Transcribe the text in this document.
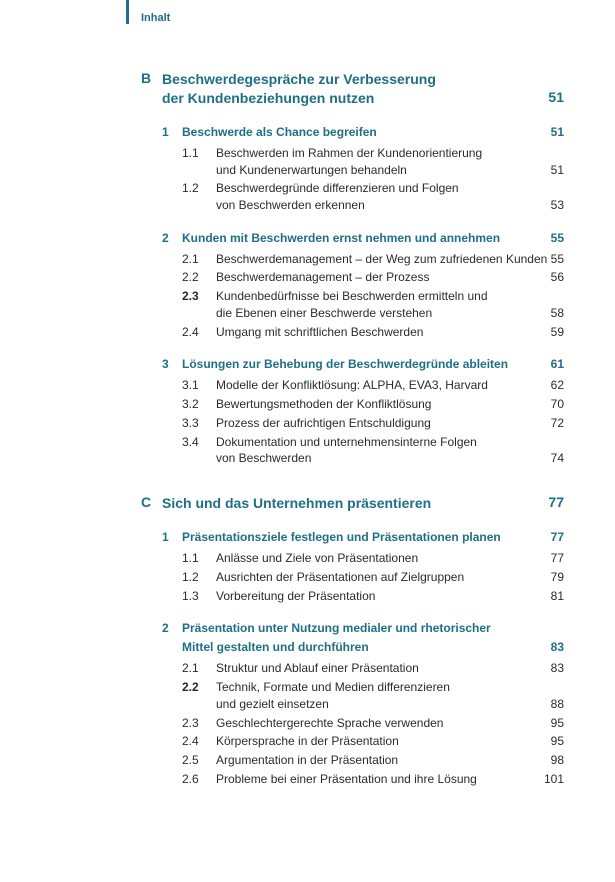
Inhalt
B Beschwerdegespräche zur Verbesserung
der Kundenbeziehungen nutzen	51
1 Beschwerde als Chance begreifen	51
1.1 Beschwerden im Rahmen der Kundenorientierung
und Kundenerwartungen behandeln	51
1.2 Beschwerdegründe differenzieren und Folgen
von Beschwerden erkennen	53
2 Kunden mit Beschwerden ernst nehmen und annehmen	55
2.1 Beschwerdemanagement – der Weg zum zufriedenen Kunden 55
2.2 Beschwerdemanagement – der Prozess	56
2.3 Kundenbedürfnisse bei Beschwerden ermitteln und
die Ebenen einer Beschwerde verstehen	58
2.4 Umgang mit schriftlichen Beschwerden	59
3 Lösungen zur Behebung der Beschwerdegründe ableiten	61
3.1 Modelle der Konfliktlösung: ALPHA, EVA3, Harvard	62
3.2 Bewertungsmethoden der Konfliktlösung	70
3.3 Prozess der aufrichtigen Entschuldigung	72
3.4 Dokumentation und unternehmensinterne Folgen
von Beschwerden	74
C Sich und das Unternehmen präsentieren	77
1 Präsentationsziele festlegen und Präsentationen planen	77
1.1 Anlässe und Ziele von Präsentationen	77
1.2 Ausrichten der Präsentationen auf Zielgruppen	79
1.3 Vorbereitung der Präsentation	81
2 Präsentation unter Nutzung medialer und rhetorischer
Mittel gestalten und durchführen	83
2.1 Struktur und Ablauf einer Präsentation	83
2.2 Technik, Formate und Medien differenzieren
und gezielt einsetzen	88
2.3 Geschlechtergerechte Sprache verwenden	95
2.4 Körpersprache in der Präsentation	95
2.5 Argumentation in der Präsentation	98
2.6 Probleme bei einer Präsentation und ihre Lösung	101
